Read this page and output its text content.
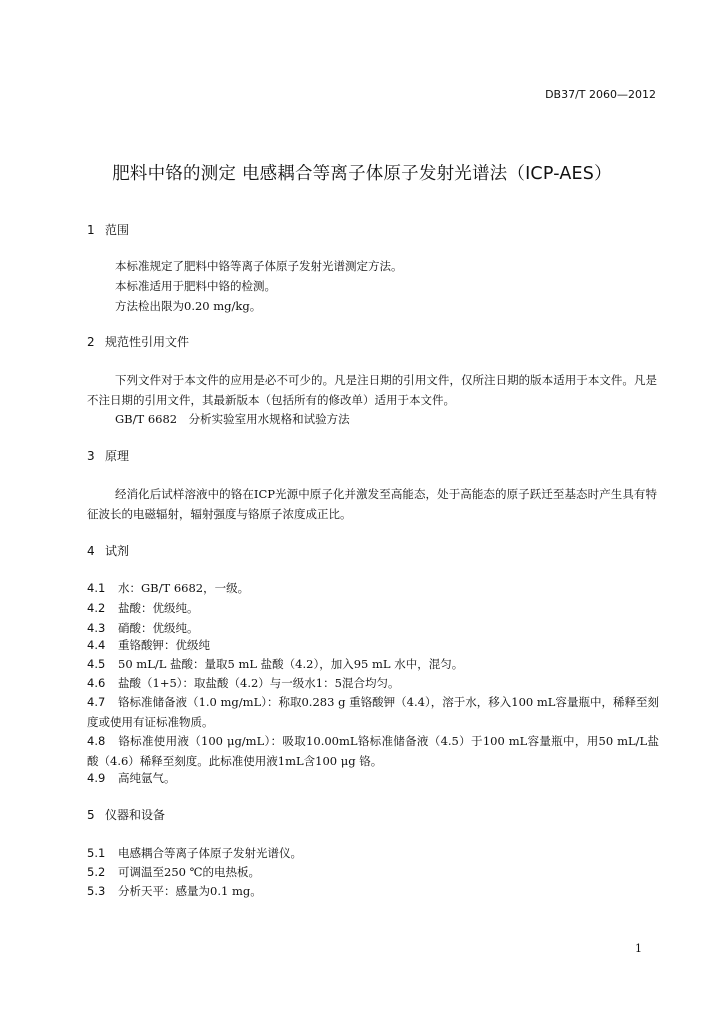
DB37/T 2060—2012
肥料中铬的测定 电感耦合等离子体原子发射光谱法（ICP-AES）
1 范围
本标准规定了肥料中铬等离子体原子发射光谱测定方法。
本标准适用于肥料中铬的检测。
方法检出限为0.20 mg/kg。
2 规范性引用文件
下列文件对于本文件的应用是必不可少的。凡是注日期的引用文件，仅所注日期的版本适用于本文件。凡是不注日期的引用文件，其最新版本（包括所有的修改单）适用于本文件。
GB/T 6682　分析实验室用水规格和试验方法
3 原理
经消化后试样溶液中的铬在ICP光源中原子化并激发至高能态，处于高能态的原子跃迁至基态时产生具有特征波长的电磁辐射，辐射强度与铬原子浓度成正比。
4 试剂
4.1 水：GB/T 6682，一级。
4.2 盐酸：优级纯。
4.3 硝酸：优级纯。
4.4 重铬酸钾：优级纯
4.5 50 mL/L 盐酸：量取5 mL 盐酸（4.2），加入95 mL 水中，混匀。
4.6 盐酸（1+5）：取盐酸（4.2）与一级水1：5混合均匀。
4.7 铬标准储备液（1.0 mg/mL）：称取0.283 g 重铬酸钾（4.4），溶于水，移入100 mL容量瓶中，稀释至刻度或使用有证标准物质。
4.8 铬标准使用液（100 μg/mL）：吸取10.00mL铬标准储备液（4.5）于100 mL容量瓶中，用50 mL/L盐酸（4.6）稀释至刻度。此标准使用液1mL含100 μg 铬。
4.9 高纯氩气。
5 仪器和设备
5.1 电感耦合等离子体原子发射光谱仪。
5.2 可调温至250 ℃的电热板。
5.3 分析天平：感量为0.1 mg。
1
